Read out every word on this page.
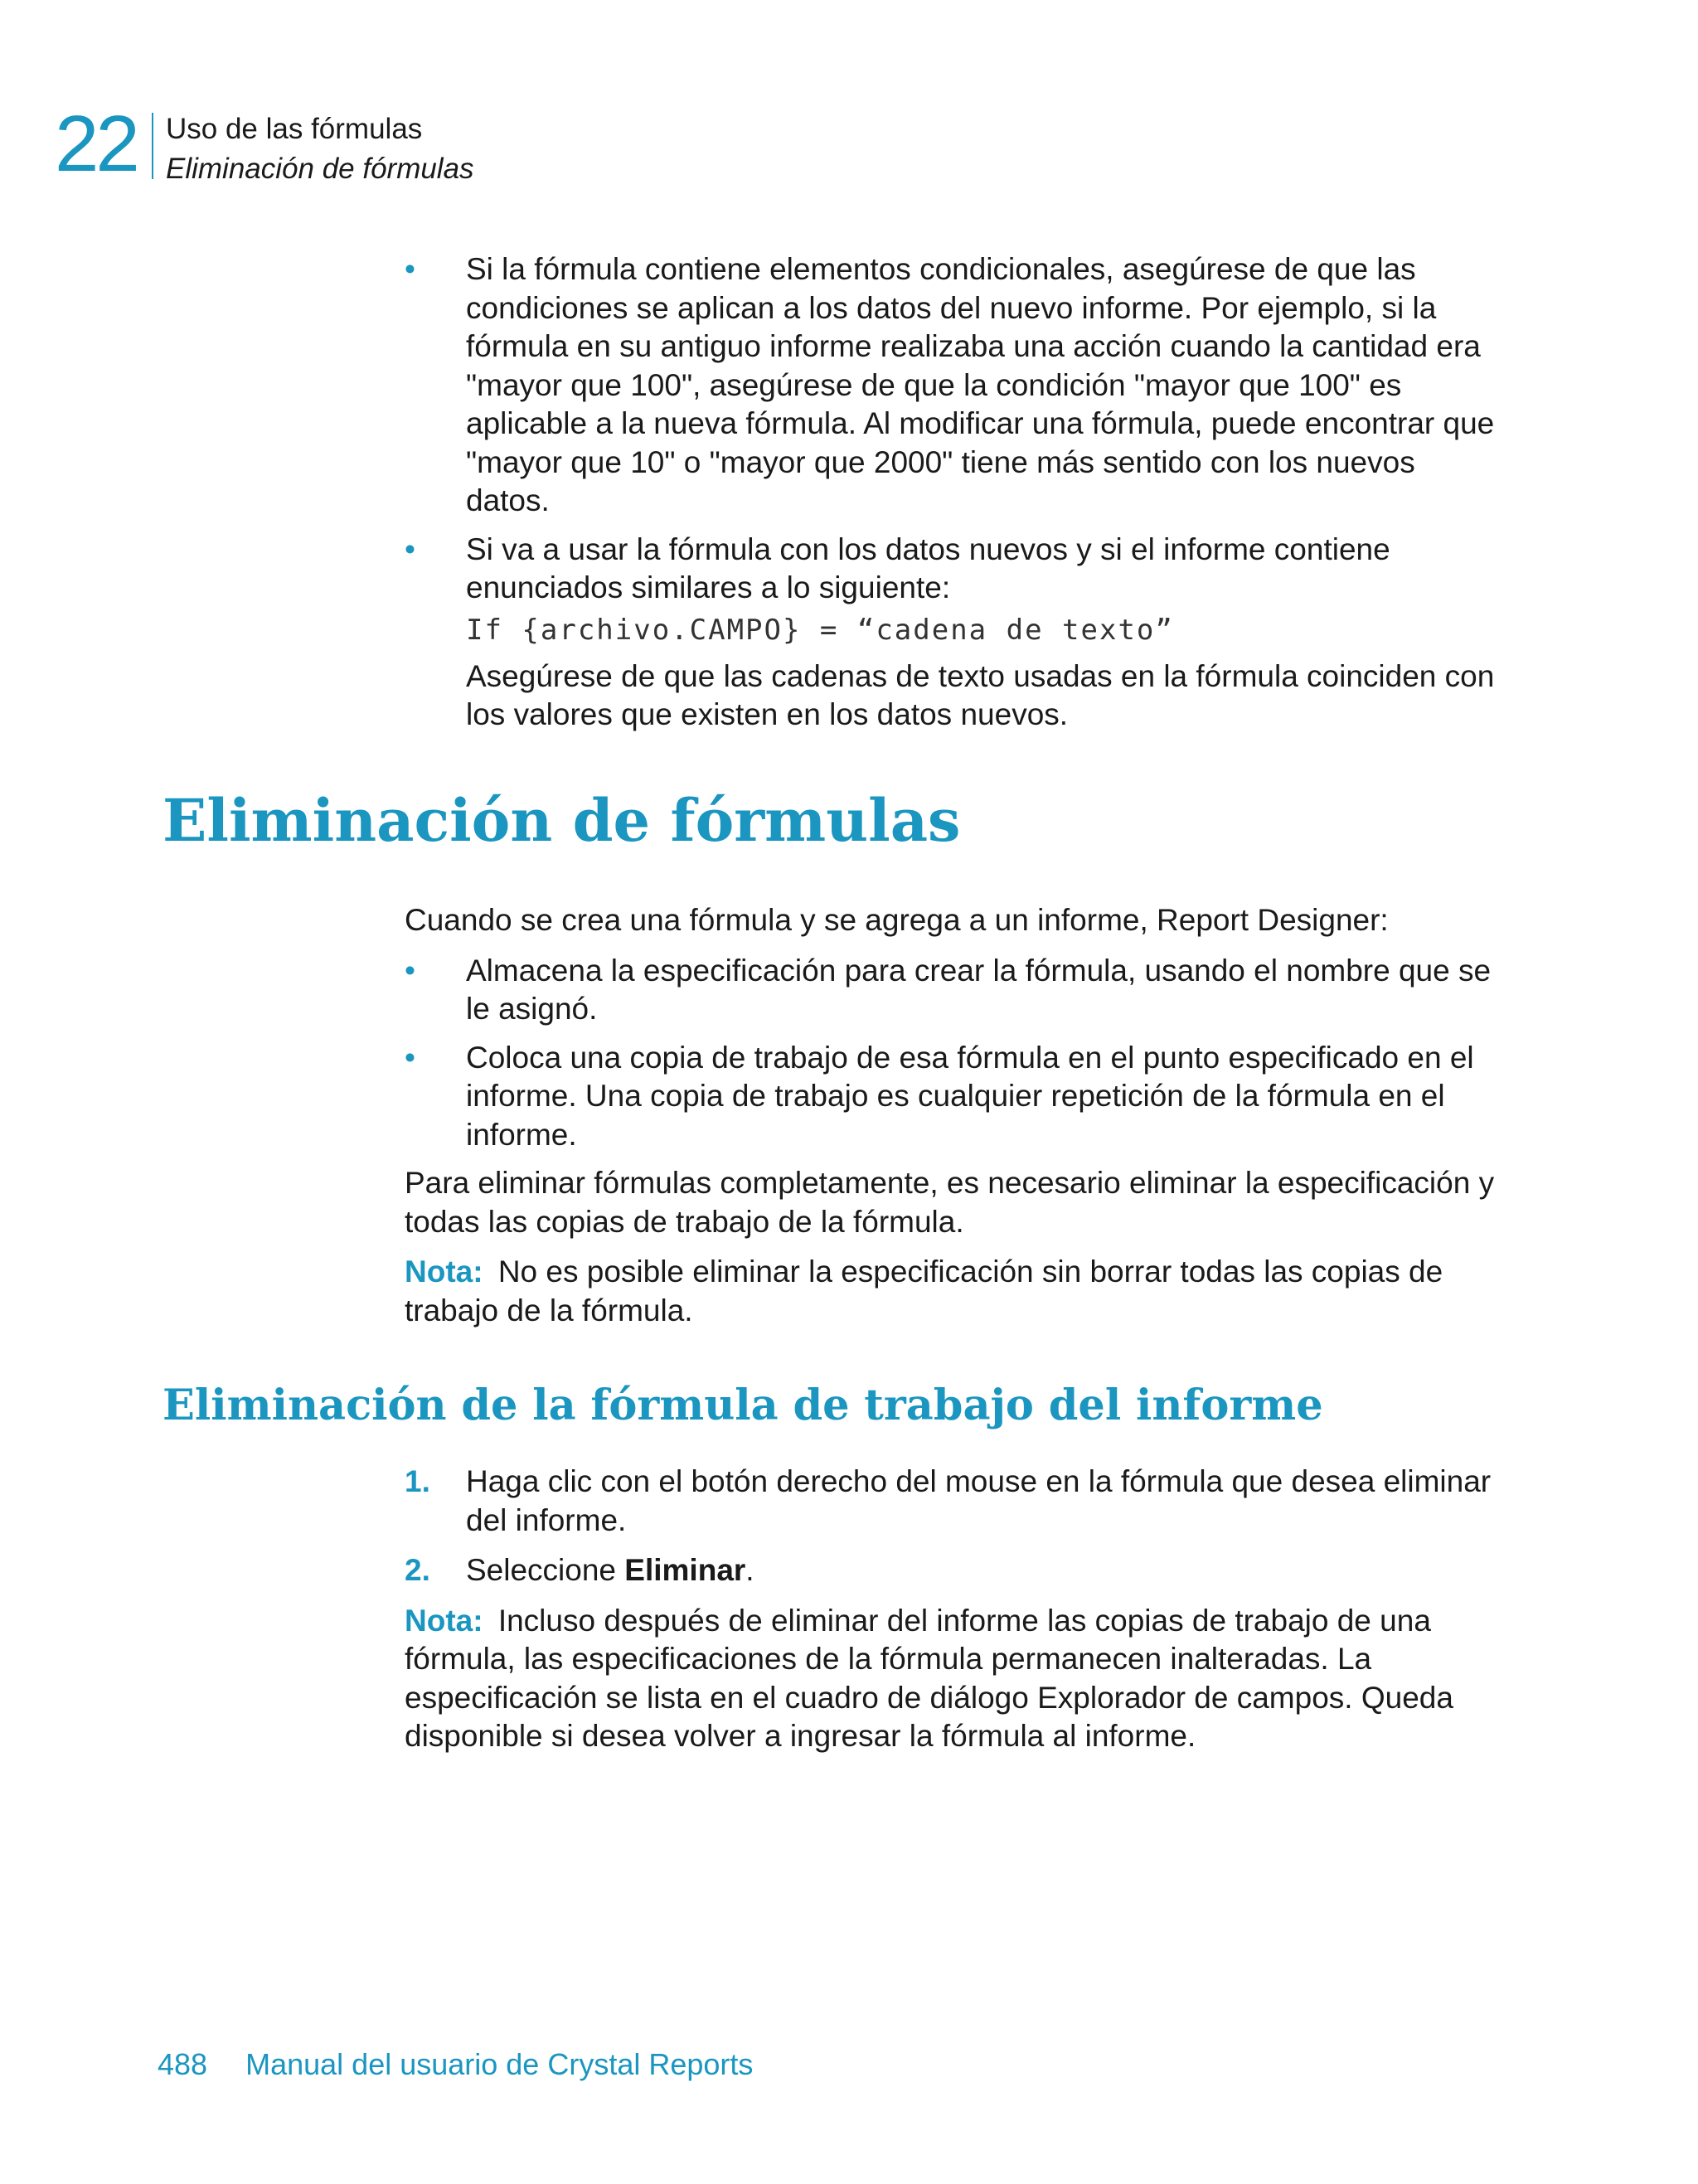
22 Uso de las fórmulas
Eliminación de fórmulas
• Si la fórmula contiene elementos condicionales, asegúrese de que las condiciones se aplican a los datos del nuevo informe. Por ejemplo, si la fórmula en su antiguo informe realizaba una acción cuando la cantidad era "mayor que 100", asegúrese de que la condición "mayor que 100" es aplicable a la nueva fórmula. Al modificar una fórmula, puede encontrar que "mayor que 10" o "mayor que 2000" tiene más sentido con los nuevos datos.
• Si va a usar la fórmula con los datos nuevos y si el informe contiene enunciados similares a lo siguiente:
If {archivo.CAMPO} = “cadena de texto”
Asegúrese de que las cadenas de texto usadas en la fórmula coinciden con los valores que existen en los datos nuevos.
Eliminación de fórmulas

Cuando se crea una fórmula y se agrega a un informe, Report Designer:

• Almacena la especificación para crear la fórmula, usando el nombre que se le asignó.
• Coloca una copia de trabajo de esa fórmula en el punto especificado en el informe. Una copia de trabajo es cualquier repetición de la fórmula en el informe.

Para eliminar fórmulas completamente, es necesario eliminar la especificación y todas las copias de trabajo de la fórmula.

Nota: No es posible eliminar la especificación sin borrar todas las copias de trabajo de la fórmula.

Eliminación de la fórmula de trabajo del informe
1. Haga clic con el botón derecho del mouse en la fórmula que desea eliminar del informe.
2. Seleccione Eliminar.

Nota: Incluso después de eliminar del informe las copias de trabajo de una fórmula, las especificaciones de la fórmula permanecen inalteradas. La especificación se lista en el cuadro de diálogo Explorador de campos. Queda disponible si desea volver a ingresar la fórmula al informe.

488 Manual del usuario de Crystal Reports
